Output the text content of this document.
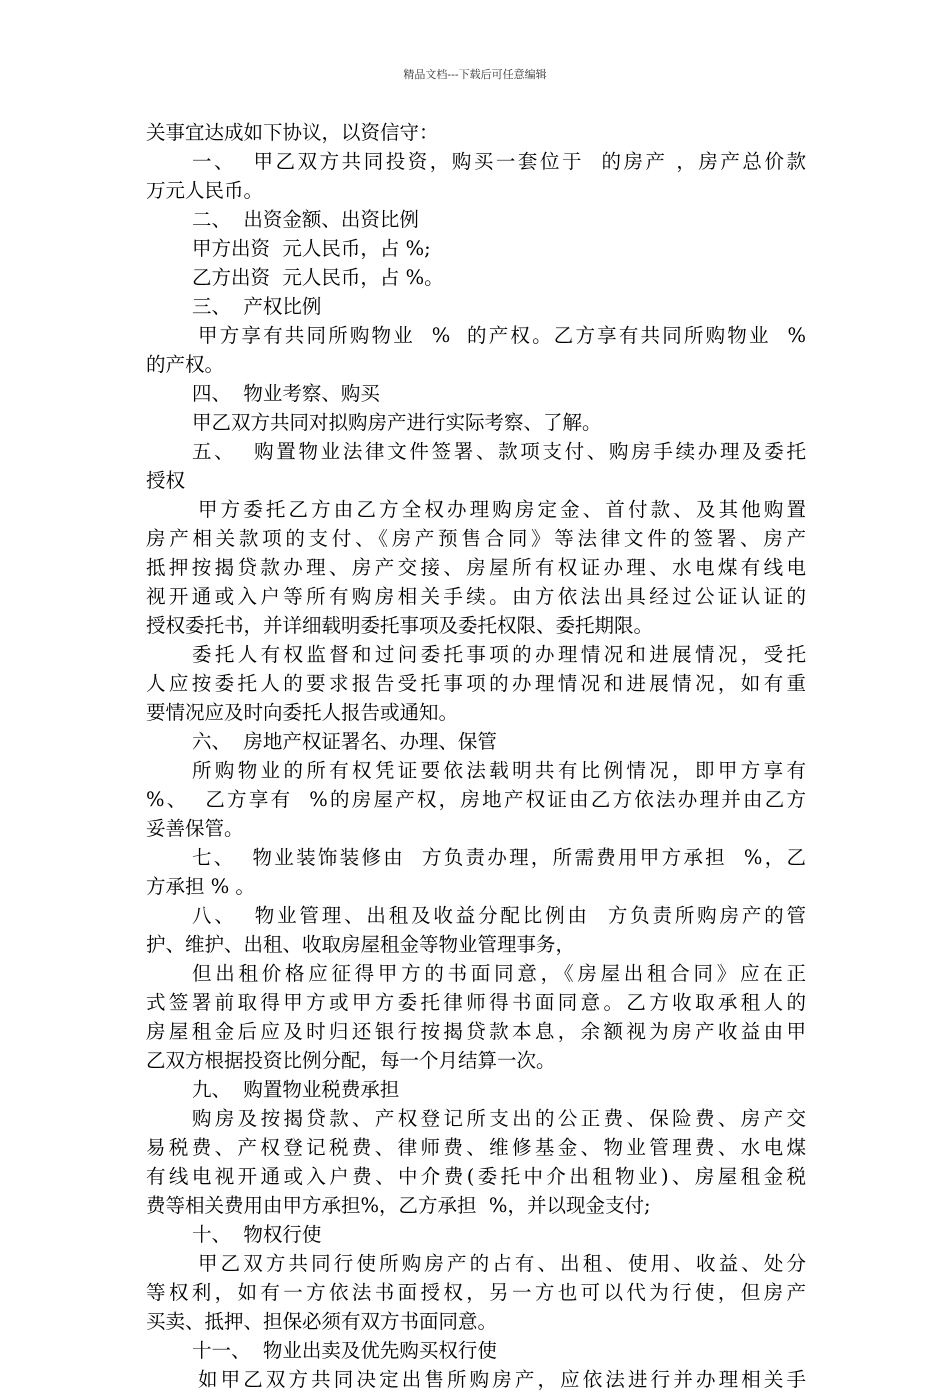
精品文档---下载后可任意编辑
关事宜达成如下协议，以资信守：
一、  甲乙双方共同投资，购买一套位于  的房产 ，房产总价款
万元人民币。
二、  出资金额、出资比例
甲方出资  元人民币，占 %;
乙方出资  元人民币，占 %。
三、  产权比例
甲方享有共同所购物业  %  的产权。乙方享有共同所购物业  %
的产权。
四、  物业考察、购买
甲乙双方共同对拟购房产进行实际考察、了解。
五、  购置物业法律文件签署、款项支付、购房手续办理及委托
授权
甲方委托乙方由乙方全权办理购房定金、首付款、及其他购置
房产相关款项的支付、《房产预售合同》等法律文件的签署、房产
抵押按揭贷款办理、房产交接、房屋所有权证办理、水电煤有线电
视开通或入户等所有购房相关手续。由方依法出具经过公证认证的
授权委托书，并详细载明委托事项及委托权限、委托期限。
委托人有权监督和过问委托事项的办理情况和进展情况，受托
人应按委托人的要求报告受托事项的办理情况和进展情况，如有重
要情况应及时向委托人报告或通知。
六、  房地产权证署名、办理、保管
所购物业的所有权凭证要依法载明共有比例情况，即甲方享有
%、  乙方享有  %的房屋产权，房地产权证由乙方依法办理并由乙方
妥善保管。
七、  物业装饰装修由  方负责办理，所需费用甲方承担  %，乙
方承担 % 。
八、  物业管理、出租及收益分配比例由  方负责所购房产的管
护、维护、出租、收取房屋租金等物业管理事务，
但出租价格应征得甲方的书面同意，《房屋出租合同》应在正
式签署前取得甲方或甲方委托律师得书面同意。乙方收取承租人的
房屋租金后应及时归还银行按揭贷款本息，余额视为房产收益由甲
乙双方根据投资比例分配，每一个月结算一次。
九、  购置物业税费承担
购房及按揭贷款、产权登记所支出的公正费、保险费、房产交
易税费、产权登记税费、律师费、维修基金、物业管理费、水电煤
有线电视开通或入户费、中介费(委托中介出租物业)、房屋租金税
费等相关费用由甲方承担%，乙方承担  %，并以现金支付;
十、  物权行使
甲乙双方共同行使所购房产的占有、出租、使用、收益、处分
等权利，如有一方依法书面授权，另一方也可以代为行使，但房产
买卖、抵押、担保必须有双方书面同意。
十一、  物业出卖及优先购买权行使
如甲乙双方共同决定出售所购房产，应依法进行并办理相关手
